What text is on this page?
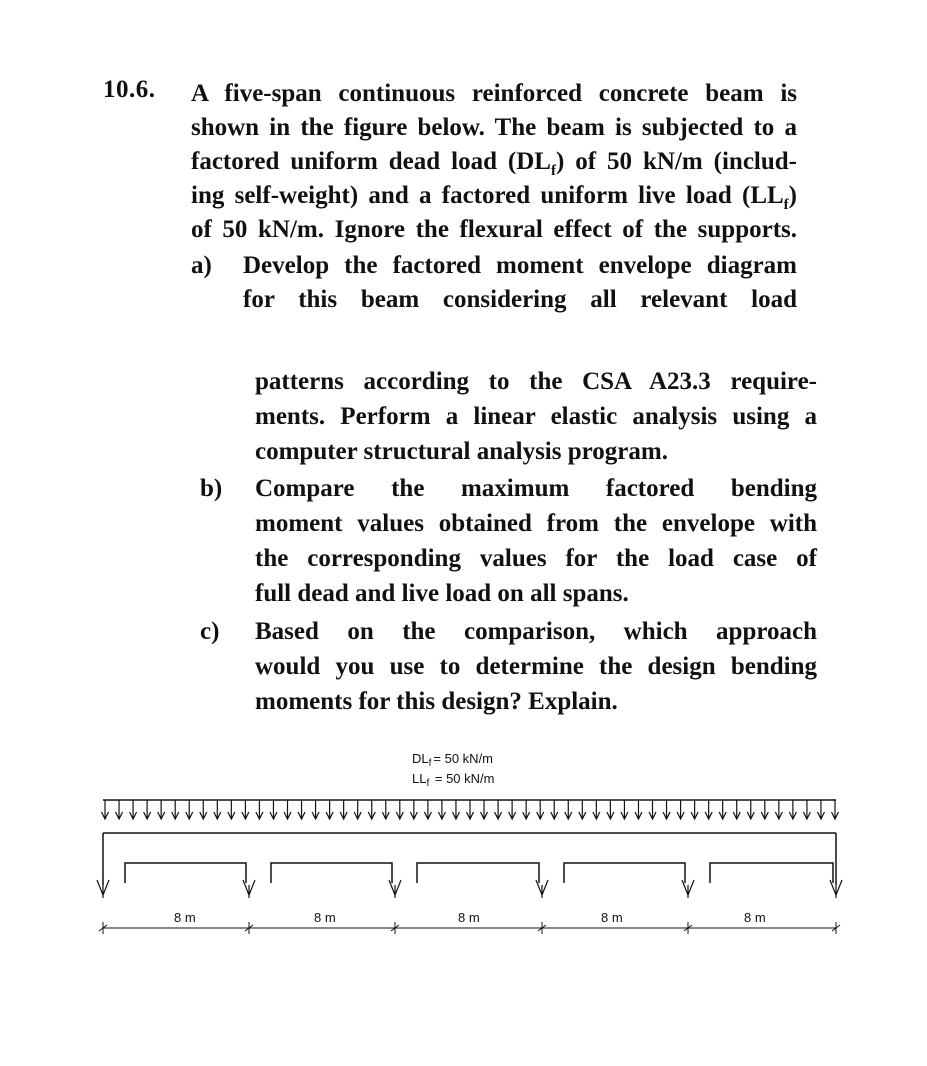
10.6. A five-span continuous reinforced concrete beam is
shown in the figure below. The beam is subjected to a
factored uniform dead load $(DL_f)$ of 50 kN/m (includ-
ing self-weight) and a factored uniform live load $(LL_f)$
of 50 kN/m. Ignore the flexural effect of the supports.
a) Develop the factored moment envelope diagram
for this beam considering all relevant load
patterns according to the CSA A23.3 require-
ments. Perform a linear elastic analysis using a
computer structural analysis program.
b) Compare the maximum factored bending
moment values obtained from the envelope with
the corresponding values for the load case of
full dead and live load on all spans.
c) Based on the comparison, which approach
would you use to determine the design bending
moments for this design? Explain.
$DL_f = 50$ kN/m
$LL_f = 50$ kN/m
8 m	8 m	8 m	8 m	8 m
